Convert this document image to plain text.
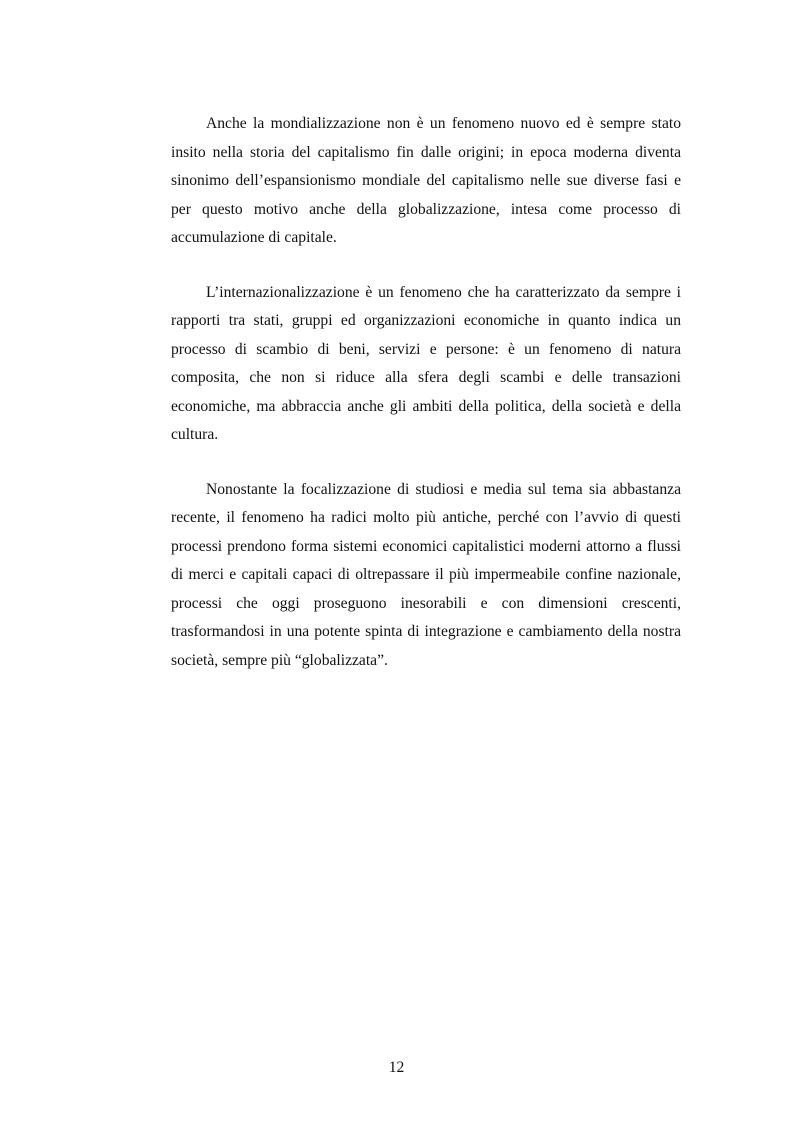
Anche la mondializzazione non è un fenomeno nuovo ed è sempre stato insito nella storia del capitalismo fin dalle origini; in epoca moderna diventa sinonimo dell’espansionismo mondiale del capitalismo nelle sue diverse fasi e per questo motivo anche della globalizzazione, intesa come processo di accumulazione di capitale.

L’internazionalizzazione è un fenomeno che ha caratterizzato da sempre i rapporti tra stati, gruppi ed organizzazioni economiche in quanto indica un processo di scambio di beni, servizi e persone: è un fenomeno di natura composita, che non si riduce alla sfera degli scambi e delle transazioni economiche, ma abbraccia anche gli ambiti della politica, della società e della cultura.

Nonostante la focalizzazione di studiosi e media sul tema sia abbastanza recente, il fenomeno ha radici molto più antiche, perché con l’avvio di questi processi prendono forma sistemi economici capitalistici moderni attorno a flussi di merci e capitali capaci di oltrepassare il più impermeabile confine nazionale, processi che oggi proseguono inesorabili e con dimensioni crescenti, trasformandosi in una potente spinta di integrazione e cambiamento della nostra società, sempre più “globalizzata”.

12
